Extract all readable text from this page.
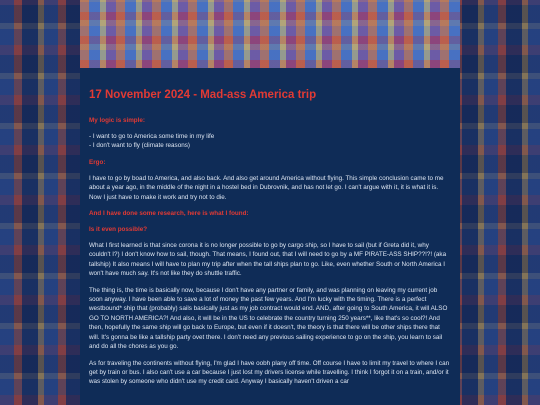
17 November 2024 - Mad-ass America trip

My logic is simple:

- I want to go to America some time in my life
- I don't want to fly (climate reasons)

Ergo:

I have to go by boad to America, and also back. And also get around America without flying. This simple conclusion came to me about a year ago, in the middle of the night in a hostel bed in Dubrovnik, and has not let go. I can't argue with it, it is what it is. Now I just have to make it work and try not to die.

And I have done some research, here is what I found:

Is it even possible?

What I first learned is that since corona it is no longer possible to go by cargo ship, so I have to sail (but if Greta did it, why couldn't I?) I don't know how to sail, though. That means, I found out, that I will need to go by a MF PIRATE-ASS SHIP??!?! (aka tallship) It also means I will have to plan my trip after when the tall ships plan to go. Like, even whether South or North America I won't have much say. It's not like they do shuttle traffic.

The thing is, the time is basically now, because I don't have any partner or family, and was planning on leaving my current job soon anyway. I have been able to save a lot of money the past few years. And I'm lucky with the timing. There is a perfect westbound* ship that (probably) sails basically just as my job contract would end. AND, after going to South America, it will ALSO GO TO NORTH AMERICA?! And also, it will be in the US to celebrate the country turning 250 years**, like that's so cool?! And then, hopefully the same ship will go back to Europe, but even if it doesn't, the theory is that there will be other ships there that will. It's gonna be like a tallship party ovet there. I don't need any previous sailing experience to go on the ship, you learn to sail and do all the chores as you go.

As for traveling the continents without flying, I'm glad I have oobh plany off time. Off course I have to limit my travel to where I can get by train or bus. I also can't use a car because I just lost my drivers license while travelling. I think I forgot it on a train, and/or it was stolen by someone who didn't use my credit card. Anyway I basically haven't driven a car
